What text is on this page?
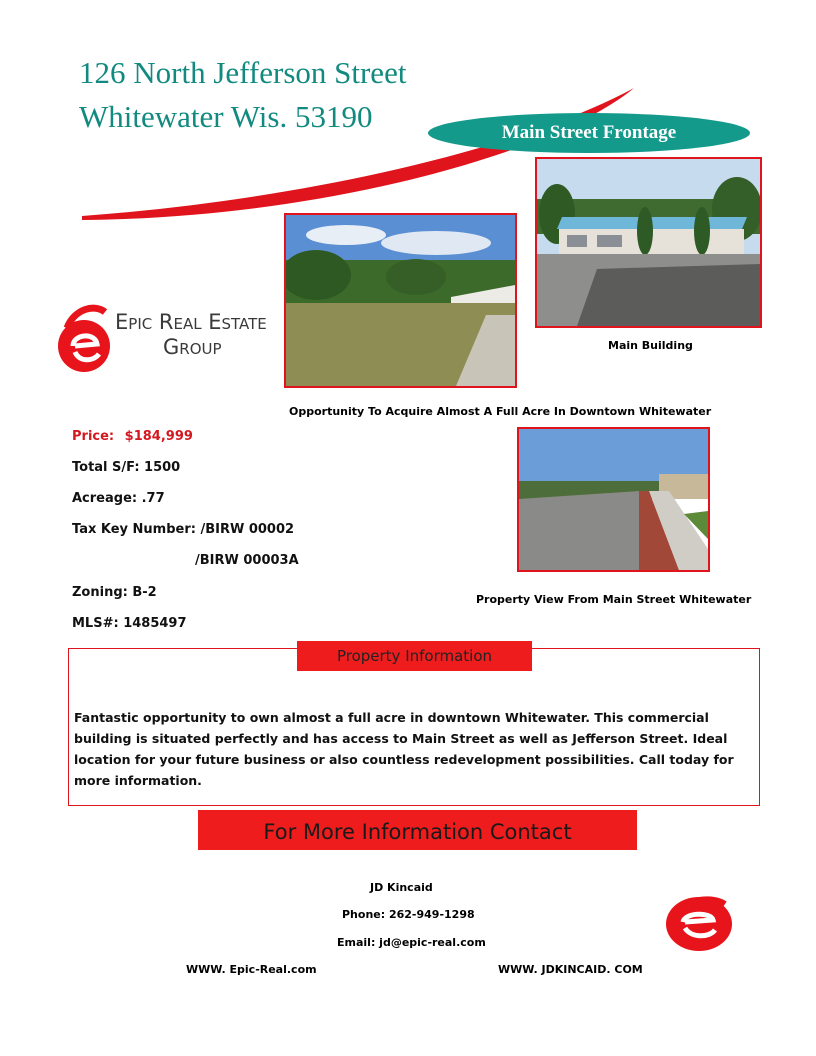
126 North Jefferson Street
Whitewater Wis. 53190	Main Street Frontage
Main Building
Epic Real Estate
Group
Opportunity To Acquire Almost A Full Acre In Downtown Whitewater
Property View From Main Street Whitewater
Price: $184,999
Total S/F: 1500
Acreage: .77
Tax Key Number: /BIRW 00002
/BIRW 00003A
Zoning: B-2
MLS#: 1485497
Property Information
Fantastic opportunity to own almost a full acre in downtown Whitewater. This commercial building is situated perfectly and has access to Main Street as well as Jefferson Street. Ideal location for your future business or also countless redevelopment possibilities. Call today for more information.
For More Information Contact
JD Kincaid
Phone: 262-949-1298
Email: jd@epic-real.com
WWW. Epic-Real.com	WWW. JDKINCAID. COM
